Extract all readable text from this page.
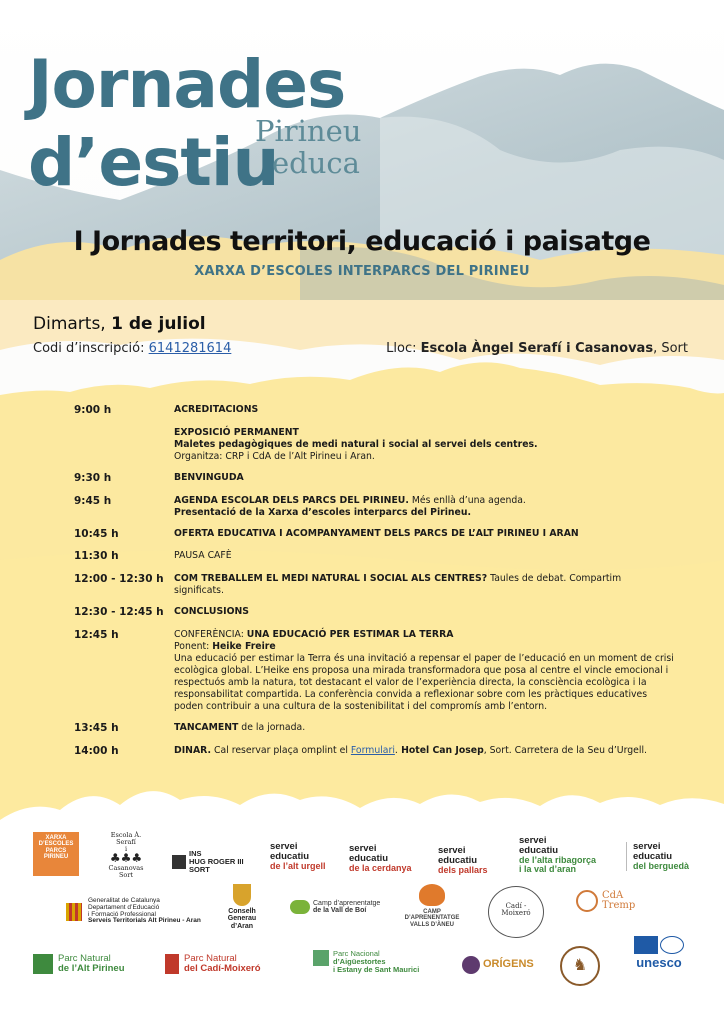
Jornades
d’estiu
Pirineu
educa
I Jornades territori, educació i paisatge
XARXA D’ESCOLES INTERPARCS DEL PIRINEU
Dimarts, 1 de juliol
Codi d’inscripció: 6141281614	Lloc: Escola Àngel Serafí i Casanovas, Sort
9:00 h	ACREDITACIONS
EXPOSICIÓ PERMANENT
Maletes pedagògiques de medi natural i social al servei dels centres.
Organitza: CRP i CdA de l’Alt Pirineu i Aran.
9:30 h	BENVINGUDA
9:45 h	AGENDA ESCOLAR DELS PARCS DEL PIRINEU. Més enllà d’una agenda.
Presentació de la Xarxa d’escoles interparcs del Pirineu.
10:45 h	OFERTA EDUCATIVA I ACOMPANYAMENT DELS PARCS DE L’ALT PIRINEU I ARAN
11:30 h	PAUSA CAFÈ
12:00 - 12:30 h	COM TREBALLEM EL MEDI NATURAL I SOCIAL ALS CENTRES? Taules de debat. Compartim significats.
12:30 - 12:45 h	CONCLUSIONS
12:45 h	CONFERÈNCIA: UNA EDUCACIÓ PER ESTIMAR LA TERRA
Ponent: Heike Freire
Una educació per estimar la Terra és una invitació a repensar el paper de l’educació en un moment de crisi ecològica global. L’Heike ens proposa una mirada transformadora que posa al centre el vincle emocional i respectuós amb la natura, tot destacant el valor de l’experiència directa, la consciència ecològica i la responsabilitat compartida. La conferència convida a reflexionar sobre com les pràctiques educatives poden contribuir a una cultura de la sostenibilitat i del compromís amb l’entorn.
13:45 h	TANCAMENT de la jornada.
14:00 h	DINAR. Cal reservar plaça omplint el Formulari. Hotel Can Josep, Sort. Carretera de la Seu d’Urgell.
XARXA
D’ESCOLES
PARCS
PIRINEU
Escola À. Serafí
i
♣♣♣
Casanovas
Sort
INS
HUG ROGER III
SORT
servei
educatiu
de l’alt urgell
servei
educatiu
de la cerdanya
servei
educatiu
dels pallars
servei
educatiu
de l’alta ribagorça
i la val d’aran
servei
educatiu
del berguedà
Generalitat de Catalunya
Departament d’Educació
i Formació Professional
Serveis Territorials Alt Pirineu - Aran
Conselh
Generau
d’Aran
Camp d’aprenentatge
de la Vall de Boí	CAMP
D’APRENENTATGE
VALLS D’ÀNEU
Cadí -
Moixeró
CdA
Tremp
Parc Natural
de l’Alt Pirineu
Parc Natural
del Cadí-Moixeró
Parc Nacional
d’Aigüestortes
i Estany de Sant Maurici	ORÍGENS	♞	unesco
